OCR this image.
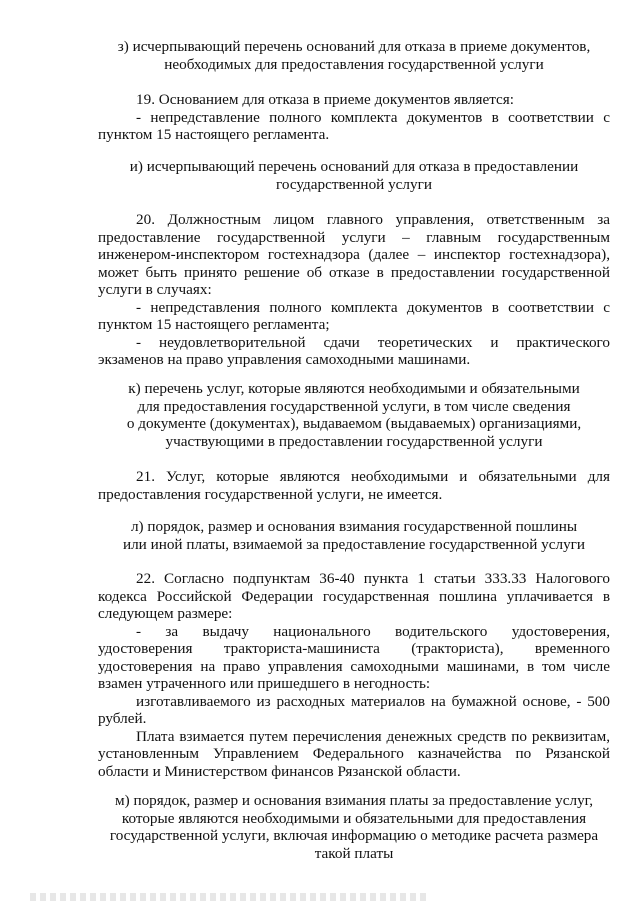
з) исчерпывающий перечень оснований для отказа в приеме документов,
необходимых для предоставления государственной услуги
19. Основанием для отказа в приеме документов является:
- непредставление полного комплекта документов в соответствии с
пунктом 15 настоящего регламента.
и) исчерпывающий перечень оснований для отказа в предоставлении
государственной услуги
20. Должностным лицом главного управления, ответственным за
предоставление государственной услуги – главным государственным
инженером-инспектором гостехнадзора (далее – инспектор гостехнадзора),
может быть принято решение об отказе в предоставлении государственной
услуги в случаях:
- непредставления полного комплекта документов в соответствии с
пунктом 15 настоящего регламента;
- неудовлетворительной сдачи теоретических и практического
экзаменов на право управления самоходными машинами.
к) перечень услуг, которые являются необходимыми и обязательными
для предоставления государственной услуги, в том числе сведения
о документе (документах), выдаваемом (выдаваемых) организациями,
участвующими в предоставлении государственной услуги
21. Услуг, которые являются необходимыми и обязательными для
предоставления государственной услуги, не имеется.
л) порядок, размер и основания взимания государственной пошлины
или иной платы, взимаемой за предоставление государственной услуги
22. Согласно подпунктам 36-40 пункта 1 статьи 333.33 Налогового
кодекса Российской Федерации государственная пошлина уплачивается в
следующем размере:
- за выдачу национального водительского удостоверения,
удостоверения тракториста-машиниста (тракториста), временного
удостоверения на право управления самоходными машинами, в том числе
взамен утраченного или пришедшего в негодность:
изготавливаемого из расходных материалов на бумажной основе, - 500
рублей.
Плата взимается путем перечисления денежных средств по реквизитам,
установленным Управлением Федерального казначейства по Рязанской
области и Министерством финансов Рязанской области.
м) порядок, размер и основания взимания платы за предоставление услуг,
которые являются необходимыми и обязательными для предоставления
государственной услуги, включая информацию о методике расчета размера
такой платы
